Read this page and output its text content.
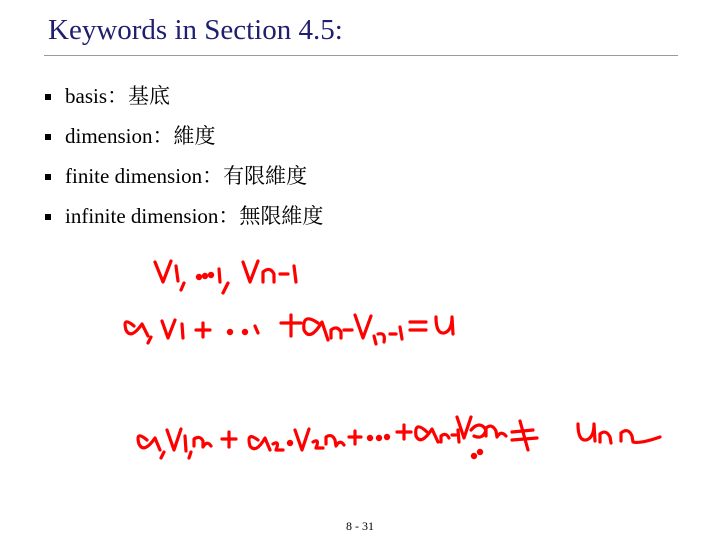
Keywords in Section 4.5:
basis：基底
dimension：維度
finite dimension：有限維度
infinite dimension：無限維度
8 - 31
